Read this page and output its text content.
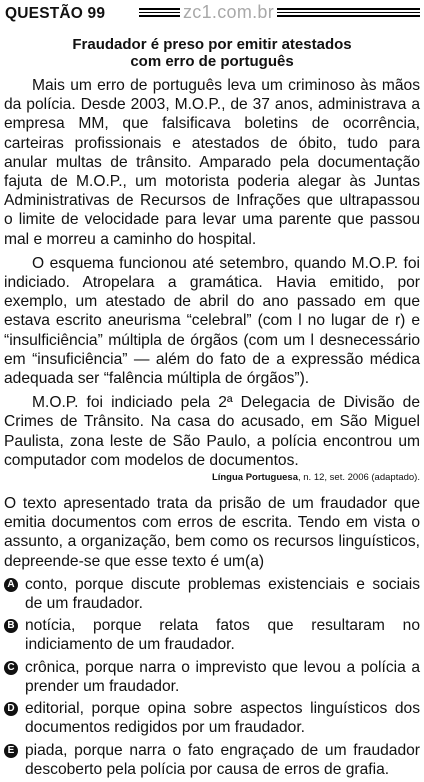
QUESTÃO 99	zc1.com.br
Fraudador é preso por emitir atestados
com erro de português

Mais um erro de português leva um criminoso às mãos da polícia. Desde 2003, M.O.P., de 37 anos, administrava a empresa MM, que falsificava boletins de ocorrência, carteiras profissionais e atestados de óbito, tudo para anular multas de trânsito. Amparado pela documentação fajuta de M.O.P., um motorista poderia alegar às Juntas Administrativas de Recursos de Infrações que ultrapassou o limite de velocidade para levar uma parente que passou mal e morreu a caminho do hospital.

O esquema funcionou até setembro, quando M.O.P. foi indiciado. Atropelara a gramática. Havia emitido, por exemplo, um atestado de abril do ano passado em que estava escrito aneurisma “celebral” (com l no lugar de r) e “insulficiência” múltipla de órgãos (com um l desnecessário em “insuficiência” — além do fato de a expressão médica adequada ser “falência múltipla de órgãos”).

M.O.P. foi indiciado pela 2ª Delegacia de Divisão de Crimes de Trânsito. Na casa do acusado, em São Miguel Paulista, zona leste de São Paulo, a polícia encontrou um computador com modelos de documentos.

Língua Portuguesa, n. 12, set. 2006 (adaptado).
O texto apresentado trata da prisão de um fraudador que emitia documentos com erros de escrita. Tendo em vista o assunto, a organização, bem como os recursos linguísticos, depreende-se que esse texto é um(a)
A conto, porque discute problemas existenciais e sociais de um fraudador.
B notícia, porque relata fatos que resultaram no indiciamento de um fraudador.
C crônica, porque narra o imprevisto que levou a polícia a prender um fraudador.
D editorial, porque opina sobre aspectos linguísticos dos documentos redigidos por um fraudador.
E piada, porque narra o fato engraçado de um fraudador descoberto pela polícia por causa de erros de grafia.
